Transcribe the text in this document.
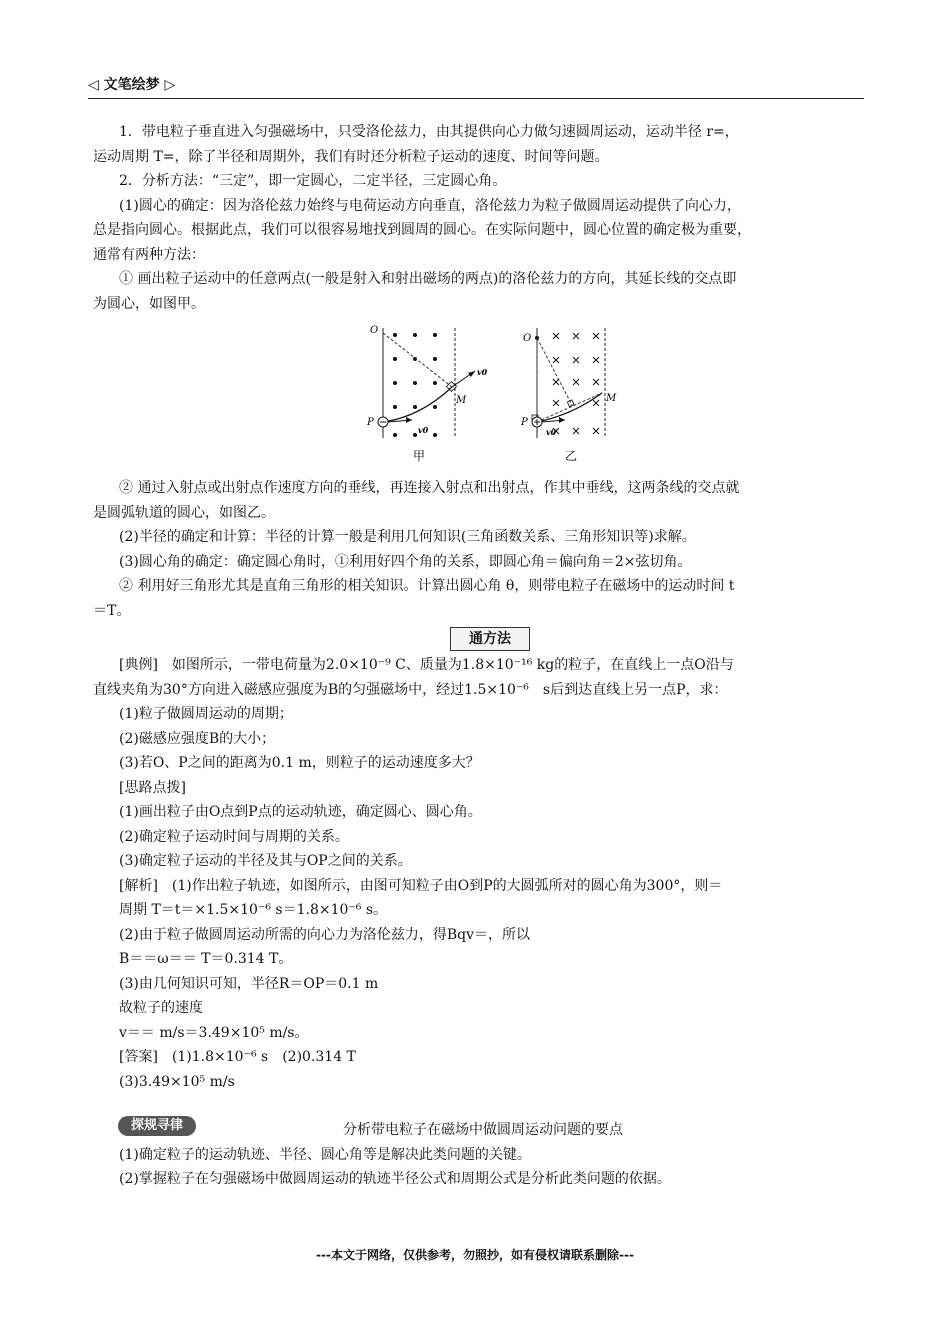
◁ 文笔绘梦 ▷

1．带电粒子垂直进入匀强磁场中，只受洛伦兹力，由其提供向心力做匀速圆周运动，运动半径 r=，

运动周期 T=，除了半径和周期外，我们有时还分析粒子运动的速度、时间等问题。

2．分析方法：“三定”，即一定圆心，二定半径，三定圆心角。

(1)圆心的确定：因为洛伦兹力始终与电荷运动方向垂直，洛伦兹力为粒子做圆周运动提供了向心力，

总是指向圆心。根据此点，我们可以很容易地找到圆周的圆心。在实际问题中，圆心位置的确定极为重要，

通常有两种方法：

① 画出粒子运动中的任意两点(一般是射入和射出磁场的两点)的洛伦兹力的方向，其延长线的交点即

为圆心，如图甲。

② 通过入射点或出射点作速度方向的垂线，再连接入射点和出射点，作其中垂线，这两条线的交点就

是圆弧轨道的圆心，如图乙。

(2)半径的确定和计算：半径的计算一般是利用几何知识(三角函数关系、三角形知识等)求解。

(3)圆心角的确定：确定圆心角时，①利用好四个角的关系，即圆心角＝偏向角＝2×弦切角。

② 利用好三角形尤其是直角三角形的相关知识。计算出圆心角 θ，则带电粒子在磁场中的运动时间 t

＝T。

[典例]　如图所示，一带电荷量为2.0×10⁻⁹ C、质量为1.8×10⁻¹⁶ kg的粒子，在直线上一点O沿与

直线夹角为30°方向进入磁感应强度为B的匀强磁场中，经过1.5×10⁻⁶　s后到达直线上另一点P，求：

(1)粒子做圆周运动的周期；

(2)磁感应强度B的大小；

(3)若O、P之间的距离为0.1 m，则粒子的运动速度多大？

[思路点拨]

(1)画出粒子由O点到P点的运动轨迹，确定圆心、圆心角。

(2)确定粒子运动时间与周期的关系。

(3)确定粒子运动的半径及其与OP之间的关系。

[解析]　(1)作出粒子轨迹，如图所示，由图可知粒子由O到P的大圆弧所对的圆心角为300°，则＝

周期 T＝t＝×1.5×10⁻⁶ s＝1.8×10⁻⁶ s。

(2)由于粒子做圆周运动所需的向心力为洛伦兹力，得Bqv＝，所以

B＝＝ω＝＝ T＝0.314 T。

(3)由几何知识可知，半径R＝OP＝0.1 m

故粒子的速度

v＝＝ m/s＝3.49×10⁵ m/s。

[答案]　(1)1.8×10⁻⁶ s　(2)0.314 T

(3)3.49×10⁵ m/s

分析带电粒子在磁场中做圆周运动问题的要点

(1)确定粒子的运动轨迹、半径、圆心角等是解决此类问题的关键。

(2)掌握粒子在匀强磁场中做圆周运动的轨迹半径公式和周期公式是分析此类问题的依据。

O
P
M
v0
v0
甲
O
P
M
v0
乙
通方法
探规寻律
---本文于网络，仅供参考，勿照抄，如有侵权请联系删除---
